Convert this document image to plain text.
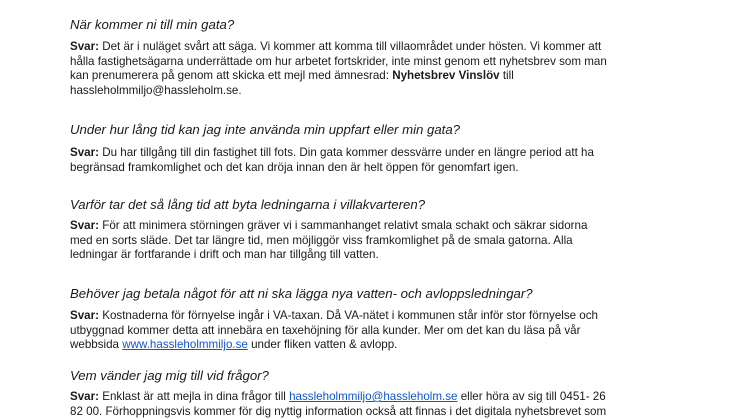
När kommer ni till min gata?
Svar: Det är i nuläget svårt att säga. Vi kommer att komma till villaområdet under hösten. Vi kommer att
hålla fastighetsägarna underrättade om hur arbetet fortskrider, inte minst genom ett nyhetsbrev som man
kan prenumerera på genom att skicka ett mejl med ämnesrad: Nyhetsbrev Vinslöv till
hassleholmmiljo@hassleholm.se.
Under hur lång tid kan jag inte använda min uppfart eller min gata?
Svar: Du har tillgång till din fastighet till fots. Din gata kommer dessvärre under en längre period att ha
begränsad framkomlighet och det kan dröja innan den är helt öppen för genomfart igen.
Varför tar det så lång tid att byta ledningarna i villakvarteren?
Svar: För att minimera störningen gräver vi i sammanhanget relativt smala schakt och säkrar sidorna
med en sorts släde. Det tar längre tid, men möjliggör viss framkomlighet på de smala gatorna. Alla
ledningar är fortfarande i drift och man har tillgång till vatten.
Behöver jag betala något för att ni ska lägga nya vatten- och avloppsledningar?
Svar: Kostnaderna för förnyelse ingår i VA-taxan. Då VA-nätet i kommunen står inför stor förnyelse och
utbyggnad kommer detta att innebära en taxehöjning för alla kunder. Mer om det kan du läsa på vår
webbsida www.hassleholmmiljo.se under fliken vatten & avlopp.
Vem vänder jag mig till vid frågor?
Svar: Enklast är att mejla in dina frågor till hassleholmmiljo@hassleholm.se eller höra av sig till 0451- 26
82 00. Förhoppningsvis kommer för dig nyttig information också att finnas i det digitala nyhetsbrevet som
